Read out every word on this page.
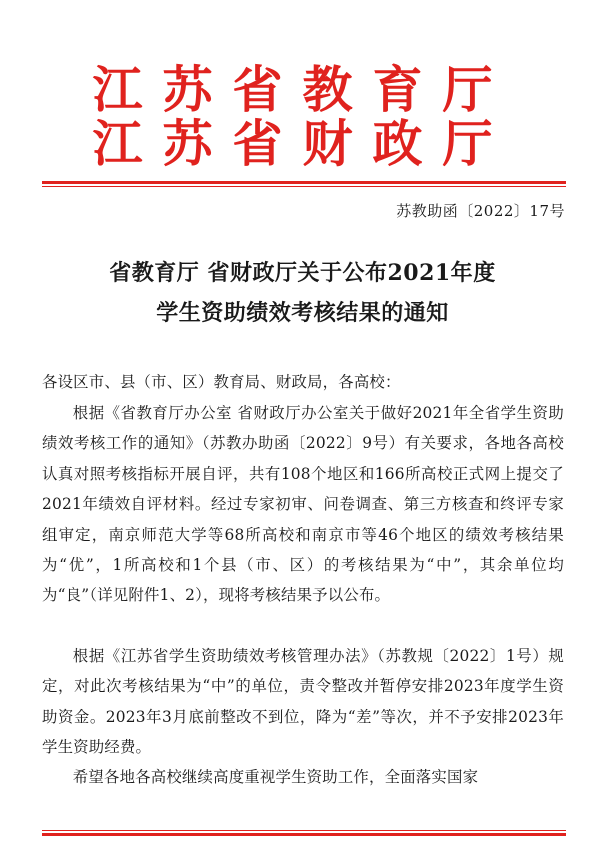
江苏省教育厅
江苏省财政厅
苏教助函〔2022〕17号
省教育厅 省财政厅关于公布2021年度
学生资助绩效考核结果的通知
各设区市、县（市、区）教育局、财政局，各高校：
根据《省教育厅办公室 省财政厅办公室关于做好2021年全省学生资助绩效考核工作的通知》（苏教办助函〔2022〕9号）有关要求，各地各高校认真对照考核指标开展自评，共有108个地区和166所高校正式网上提交了2021年绩效自评材料。经过专家初审、问卷调查、第三方核查和终评专家组审定，南京师范大学等68所高校和南京市等46个地区的绩效考核结果为“优”，1所高校和1个县（市、区）的考核结果为“中”，其余单位均为“良”（详见附件1、2），现将考核结果予以公布。
根据《江苏省学生资助绩效考核管理办法》（苏教规〔2022〕1号）规定，对此次考核结果为“中”的单位，责令整改并暂停安排2023年度学生资助资金。2023年3月底前整改不到位，降为“差”等次，并不予安排2023年学生资助经费。
希望各地各高校继续高度重视学生资助工作，全面落实国家
